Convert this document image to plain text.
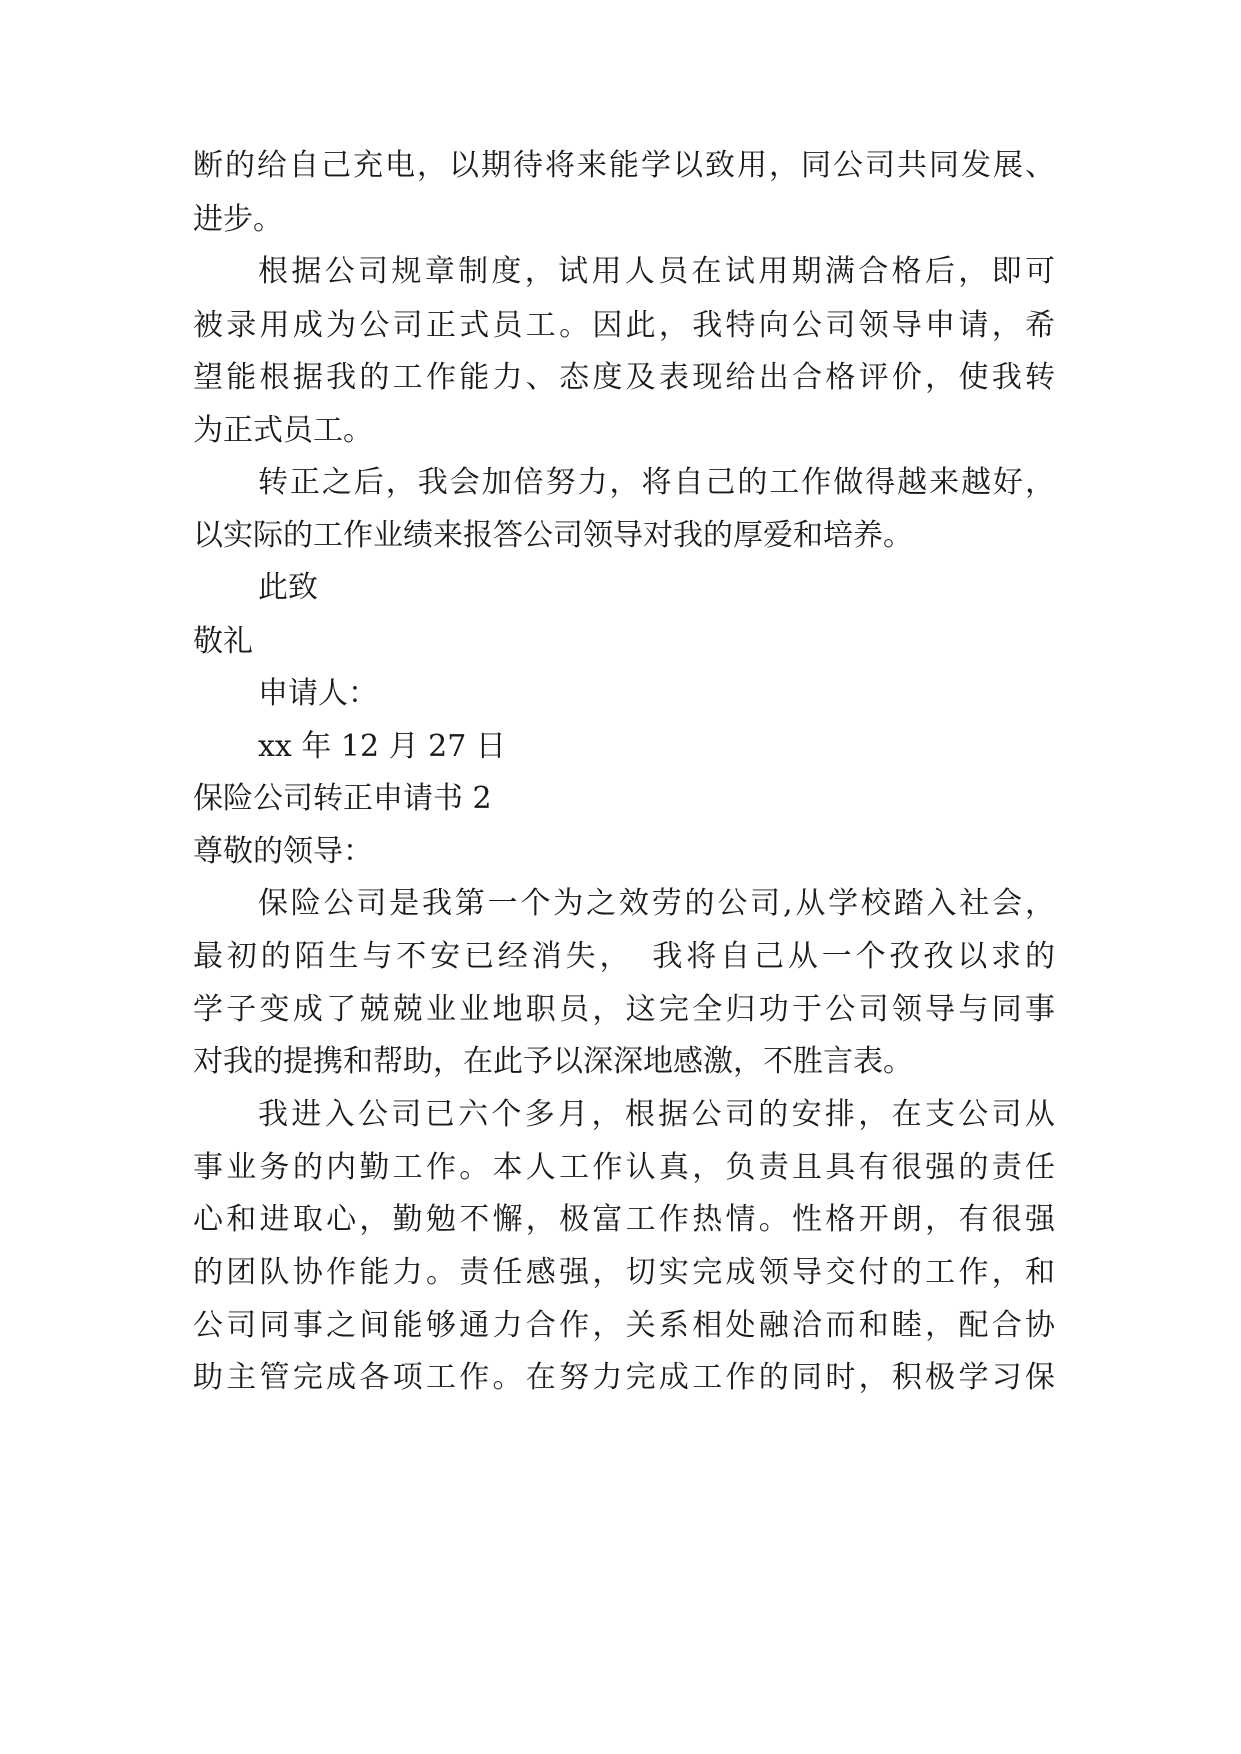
断的给自己充电，以期待将来能学以致用，同公司共同发展、
进步。
根据公司规章制度，试用人员在试用期满合格后，即可
被录用成为公司正式员工。因此，我特向公司领导申请，希
望能根据我的工作能力、态度及表现给出合格评价，使我转
为正式员工。
转正之后，我会加倍努力，将自己的工作做得越来越好，
以实际的工作业绩来报答公司领导对我的厚爱和培养。
此致
敬礼
申请人：
xx 年 12 月 27 日
保险公司转正申请书 2
尊敬的领导：
保险公司是我第一个为之效劳的公司,从学校踏入社会，
最初的陌生与不安已经消失，　我将自己从一个孜孜以求的
学子变成了兢兢业业地职员，这完全归功于公司领导与同事
对我的提携和帮助，在此予以深深地感激，不胜言表。
我进入公司已六个多月，根据公司的安排，在支公司从
事业务的内勤工作。本人工作认真，负责且具有很强的责任
心和进取心，勤勉不懈，极富工作热情。性格开朗，有很强
的团队协作能力。责任感强，切实完成领导交付的工作，和
公司同事之间能够通力合作，关系相处融洽而和睦，配合协
助主管完成各项工作。在努力完成工作的同时，积极学习保
